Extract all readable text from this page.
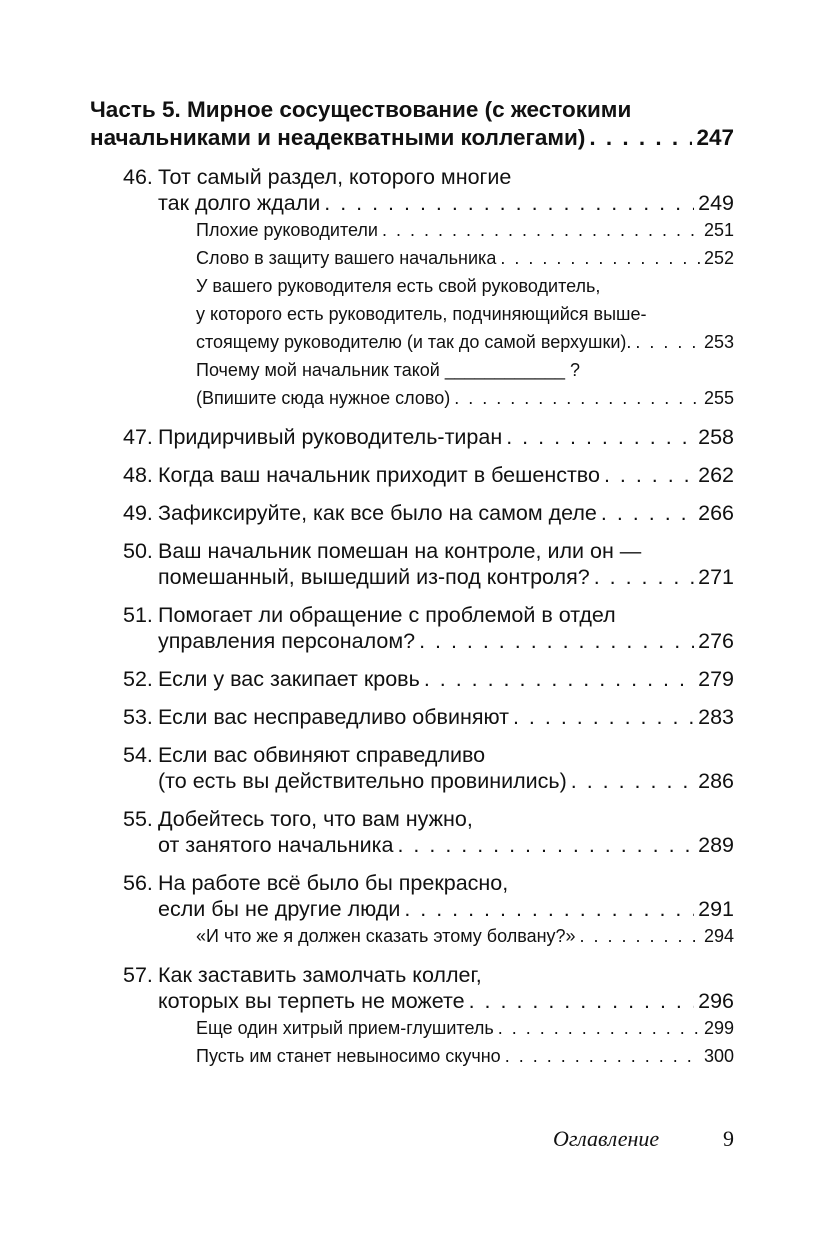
Часть 5. Мирное сосуществование (с жестокими
начальниками и неадекватными коллегами) . . .	247
46. Тот самый раздел, которого многие
так долго ждали . . .	249
Плохие руководители . . .	251
Слово в защиту вашего начальника . . .	252
У вашего руководителя есть свой руководитель,
у которого есть руководитель, подчиняющийся выше-
стоящему руководителю (и так до самой верхушки). . . .	253
Почему мой начальник такой ____________ ?
(Впишите сюда нужное слово) . . .	255
47. Придирчивый руководитель-тиран . . .	258
48. Когда ваш начальник приходит в бешенство . . .	262
49. Зафиксируйте, как все было на самом деле . . .	266
50. Ваш начальник помешан на контроле, или он —
помешанный, вышедший из-под контроля? . . .	271
51. Помогает ли обращение с проблемой в отдел
управления персоналом? . . .	276
52. Если у вас закипает кровь . . .	279
53. Если вас несправедливо обвиняют . . .	283
54. Если вас обвиняют справедливо
(то есть вы действительно провинились) . . .	286
55. Добейтесь того, что вам нужно,
от занятого начальника . . .	289
56. На работе всё было бы прекрасно,
если бы не другие люди . . .	291
«И что же я должен сказать этому болвану?» . . .	294
57. Как заставить замолчать коллег,
которых вы терпеть не можете . . .	296
Еще один хитрый прием-глушитель . . .	299
Пусть им станет невыносимо скучно . . .	300
Оглавление	9
